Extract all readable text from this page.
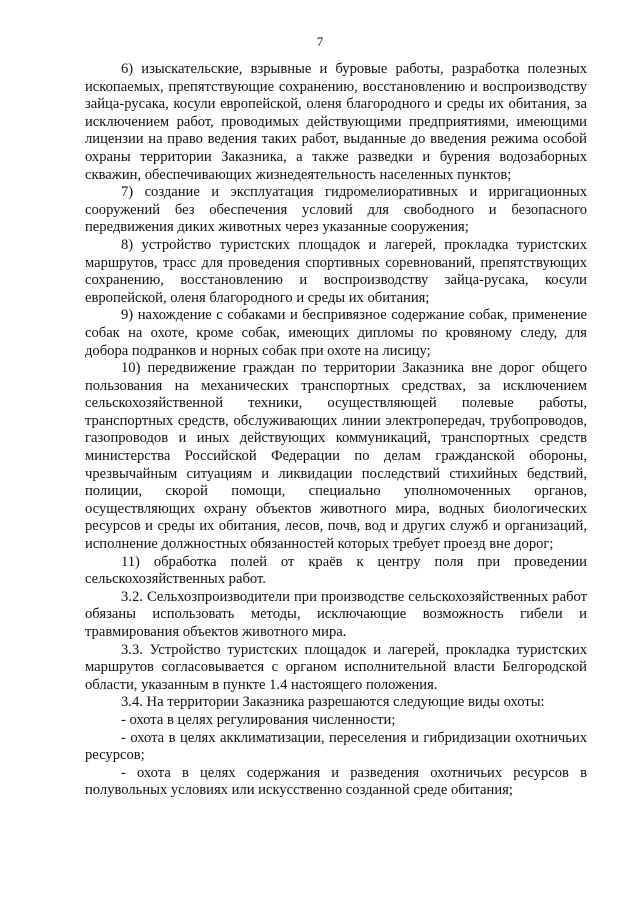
7

6) изыскательские, взрывные и буровые работы, разработка полезных ископаемых, препятствующие сохранению, восстановлению и воспроизводству зайца-русака, косули европейской, оленя благородного и среды их обитания, за исключением работ, проводимых действующими предприятиями, имеющими лицензии на право ведения таких работ, выданные до введения режима особой охраны территории Заказника, а также разведки и бурения водозаборных скважин, обеспечивающих жизнедеятельность населенных пунктов;

7) создание и эксплуатация гидромелиоративных и ирригационных сооружений без обеспечения условий для свободного и безопасного передвижения диких животных через указанные сооружения;

8) устройство туристских площадок и лагерей, прокладка туристских маршрутов, трасс для проведения спортивных соревнований, препятствующих сохранению, восстановлению и воспроизводству зайца-русака, косули европейской, оленя благородного и среды их обитания;

9) нахождение с собаками и беспривязное содержание собак, применение собак на охоте, кроме собак, имеющих дипломы по кровяному следу, для добора подранков и норных собак при охоте на лисицу;

10) передвижение граждан по территории Заказника вне дорог общего пользования на механических транспортных средствах, за исключением сельскохозяйственной техники, осуществляющей полевые работы, транспортных средств, обслуживающих линии электропередач, трубопроводов, газопроводов и иных действующих коммуникаций, транспортных средств министерства Российской Федерации по делам гражданской обороны, чрезвычайным ситуациям и ликвидации последствий стихийных бедствий, полиции, скорой помощи, специально уполномоченных органов, осуществляющих охрану объектов животного мира, водных биологических ресурсов и среды их обитания, лесов, почв, вод и других служб и организаций, исполнение должностных обязанностей которых требует проезд вне дорог;

11) обработка полей от краёв к центру поля при проведении сельскохозяйственных работ.

3.2. Сельхозпроизводители при производстве сельскохозяйственных работ обязаны использовать методы, исключающие возможность гибели и травмирования объектов животного мира.

3.3. Устройство туристских площадок и лагерей, прокладка туристских маршрутов согласовывается с органом исполнительной власти Белгородской области, указанным в пункте 1.4 настоящего положения.

3.4. На территории Заказника разрешаются следующие виды охоты:

- охота в целях регулирования численности;

- охота в целях акклиматизации, переселения и гибридизации охотничьих ресурсов;

- охота в целях содержания и разведения охотничьих ресурсов в полувольных условиях или искусственно созданной среде обитания;
